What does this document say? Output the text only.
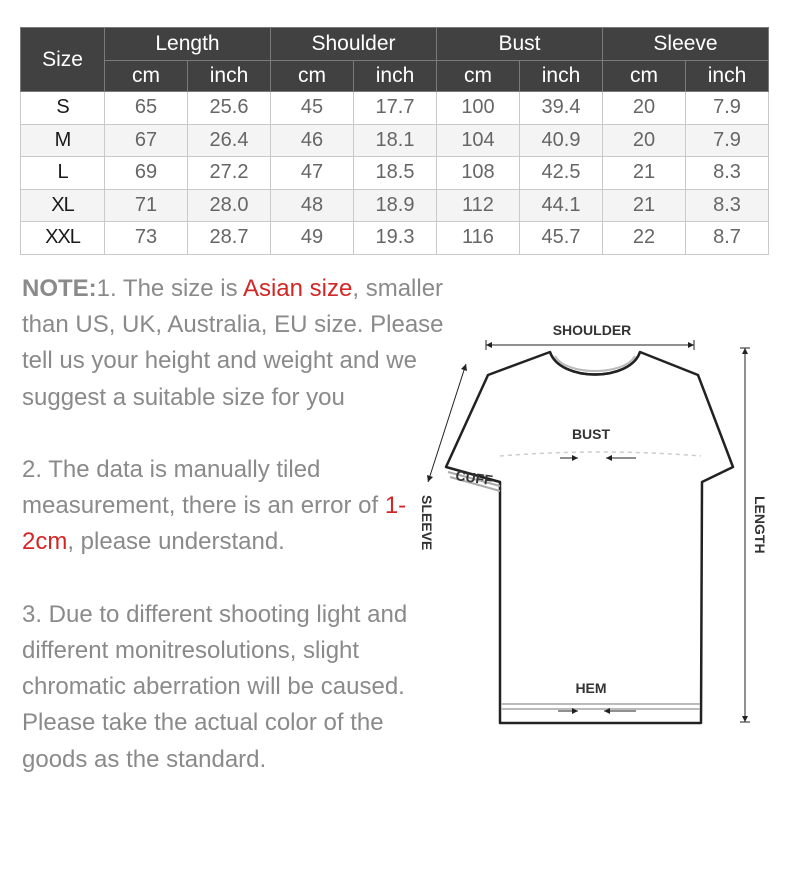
Size	Length		Shoulder		Bust		Sleeve	
	cm	inch	cm	inch	cm	inch	cm	inch
S	65	25.6	45	17.7	100	39.4	20	7.9
M	67	26.4	46	18.1	104	40.9	20	7.9
L	69	27.2	47	18.5	108	42.5	21	8.3
XL	71	28.0	48	18.9	112	44.1	21	8.3
XXL	73	28.7	49	19.3	116	45.7	22	8.7

NOTE:1. The size is Asian size, smaller than US, UK, Australia, EU size. Please tell us your height and weight and we suggest a suitable size for you

2. The data is manually tiled measurement, there is an error of 1-2cm, please understand.

3. Due to different shooting light and different monitresolutions, slight chromatic aberration will be caused. Please take the actual color of the goods as the standard.

SHOULDER
BUST
CUFF
SLEEVE	LENGTH
HEM
